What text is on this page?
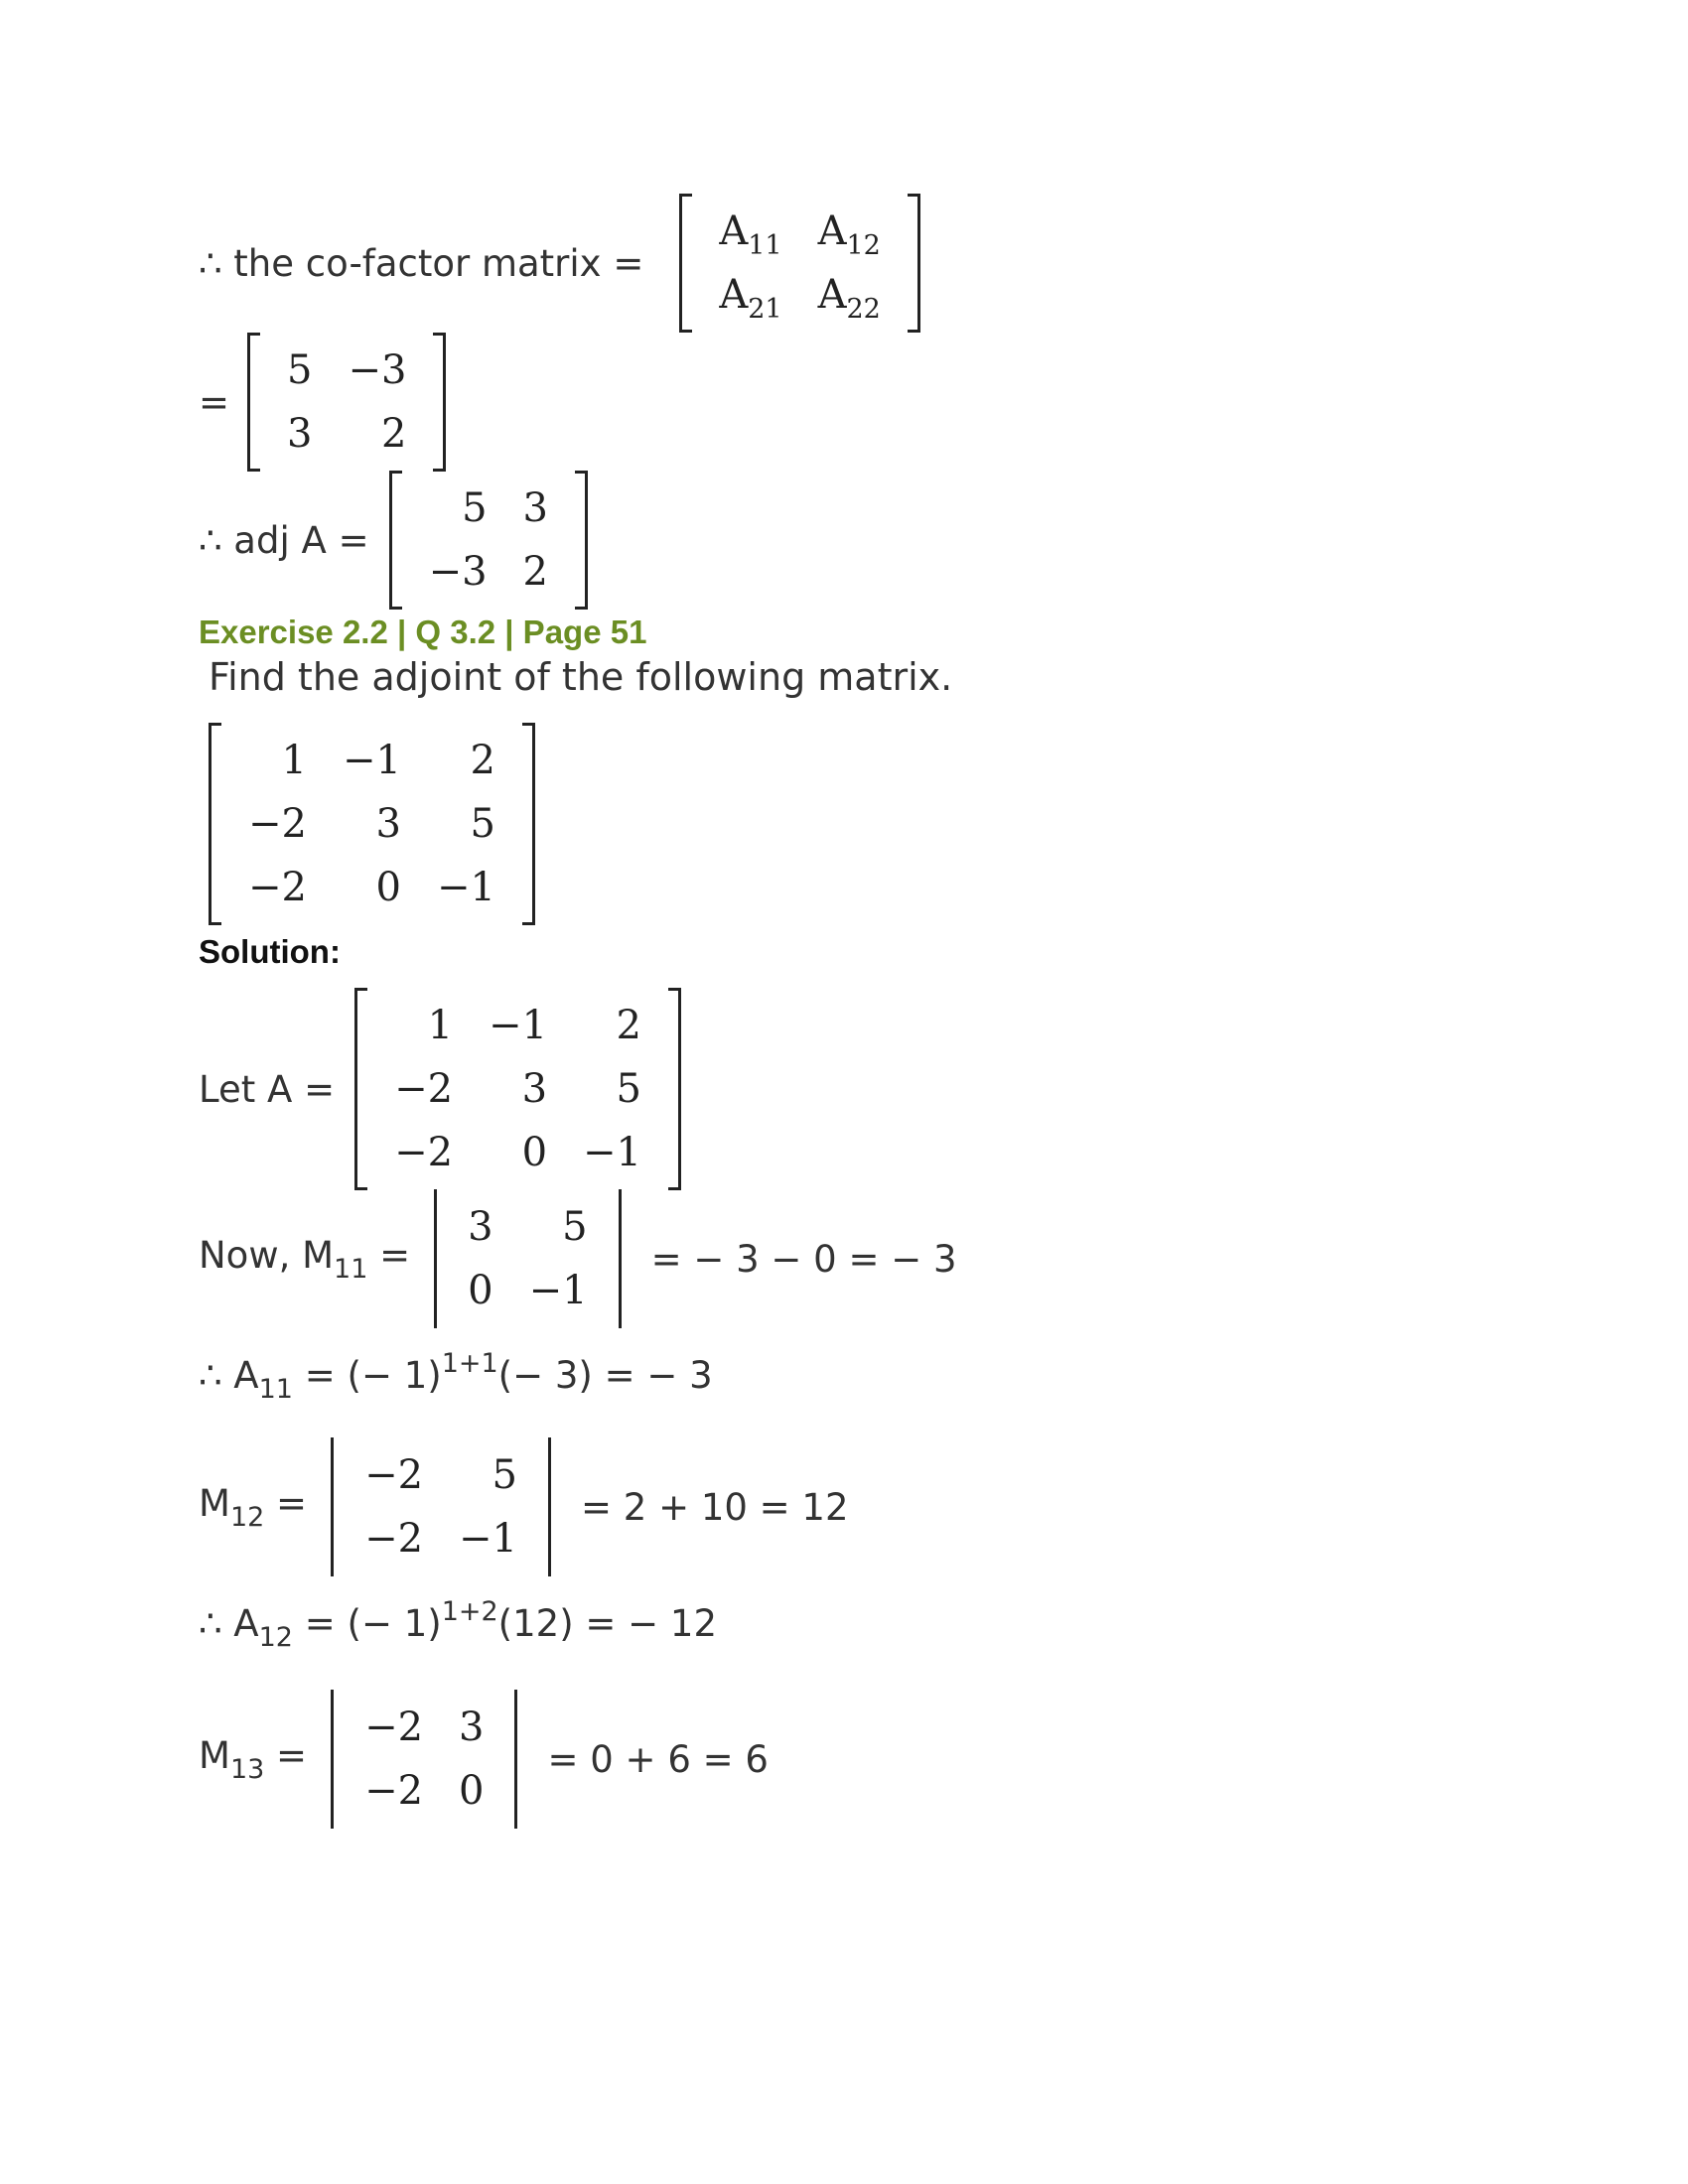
∴ the co-factor matrix =
$A_{11}$ $A_{12}$
$A_{21}$ $A_{22}$
=
5 −3
3	2
∴ adj A =
5 3
−3 2
Exercise 2.2 | Q 3.2 | Page 51
Find the adjoint of the following matrix.
1 −1	2
−2	3	5
−2	0 −1
Solution:
Let A =
1 −1	2
−2	3	5
−2	0 −1
Now, $M_{11}$ =
3	5
0 −1
= − 3 − 0 = − 3
∴ $A_{11}$ = (− 1)$^{1+1}$(− 3) = − 3
$M_{12}$ =
−2	5
−2 −1
= 2 + 10 = 12
∴ $A_{12}$ = (− 1)$^{1+2}$(12) = − 12
$M_{13}$ =
−2 3
−2 0
= 0 + 6 = 6
